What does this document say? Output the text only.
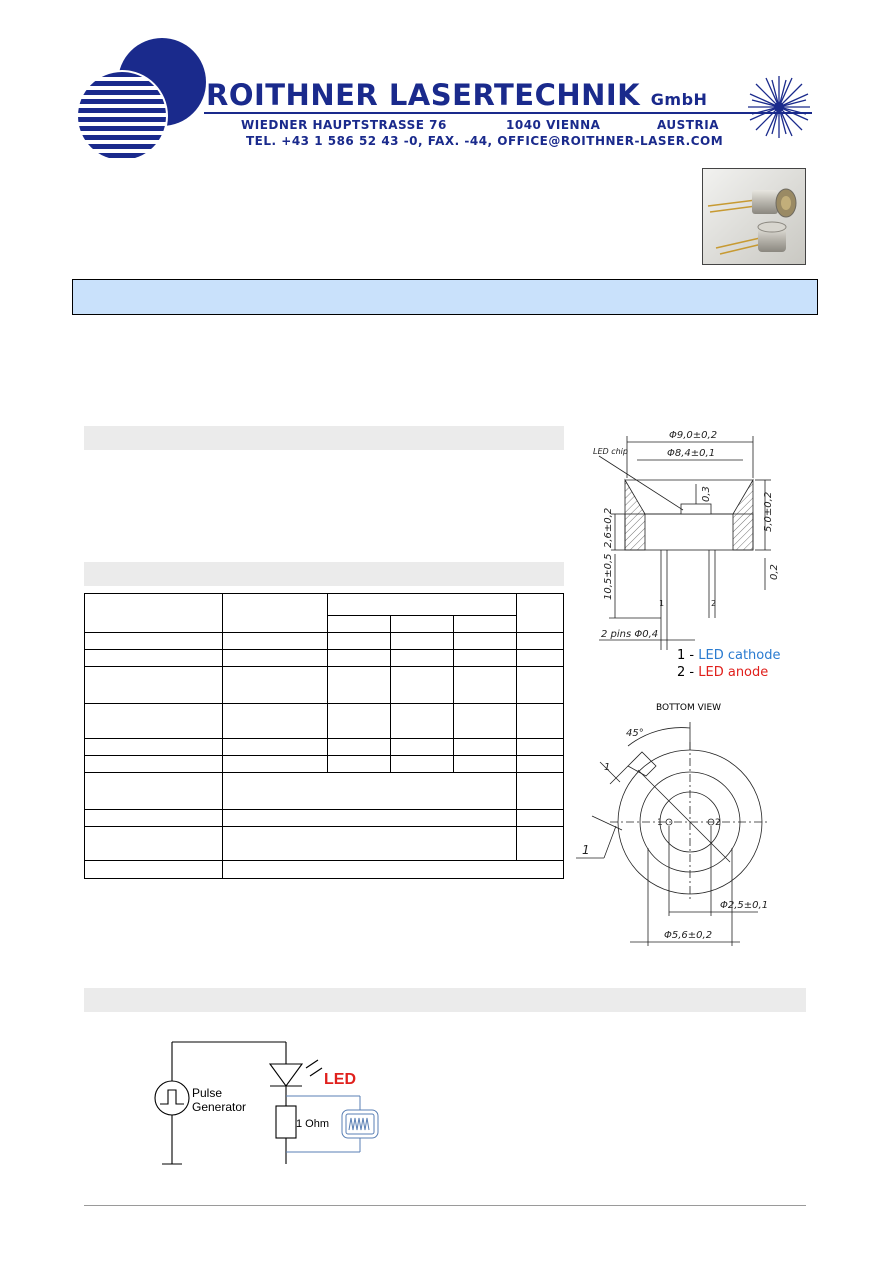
ROITHNER LASERTECHNIK GmbH
WIEDNER HAUPTSTRASSE 76	1040 VIENNA	AUSTRIA
TEL. +43 1 586 52 43 -0, FAX. -44, OFFICE@ROITHNER-LASER.COM

Φ9,0±0,2
Φ8,4±0,1
LED chip
0,3	5,0±0,2
2,6±0,2
0,2
10,5±0,5
1	2
2 pins Φ0,4
1 - LED cathode
2 - LED anode
BOTTOM VIEW
45°
1
1
1	2
Φ2,5±0,1
Φ5,6±0,2
Pulse
Generator
LED
1 Ohm
